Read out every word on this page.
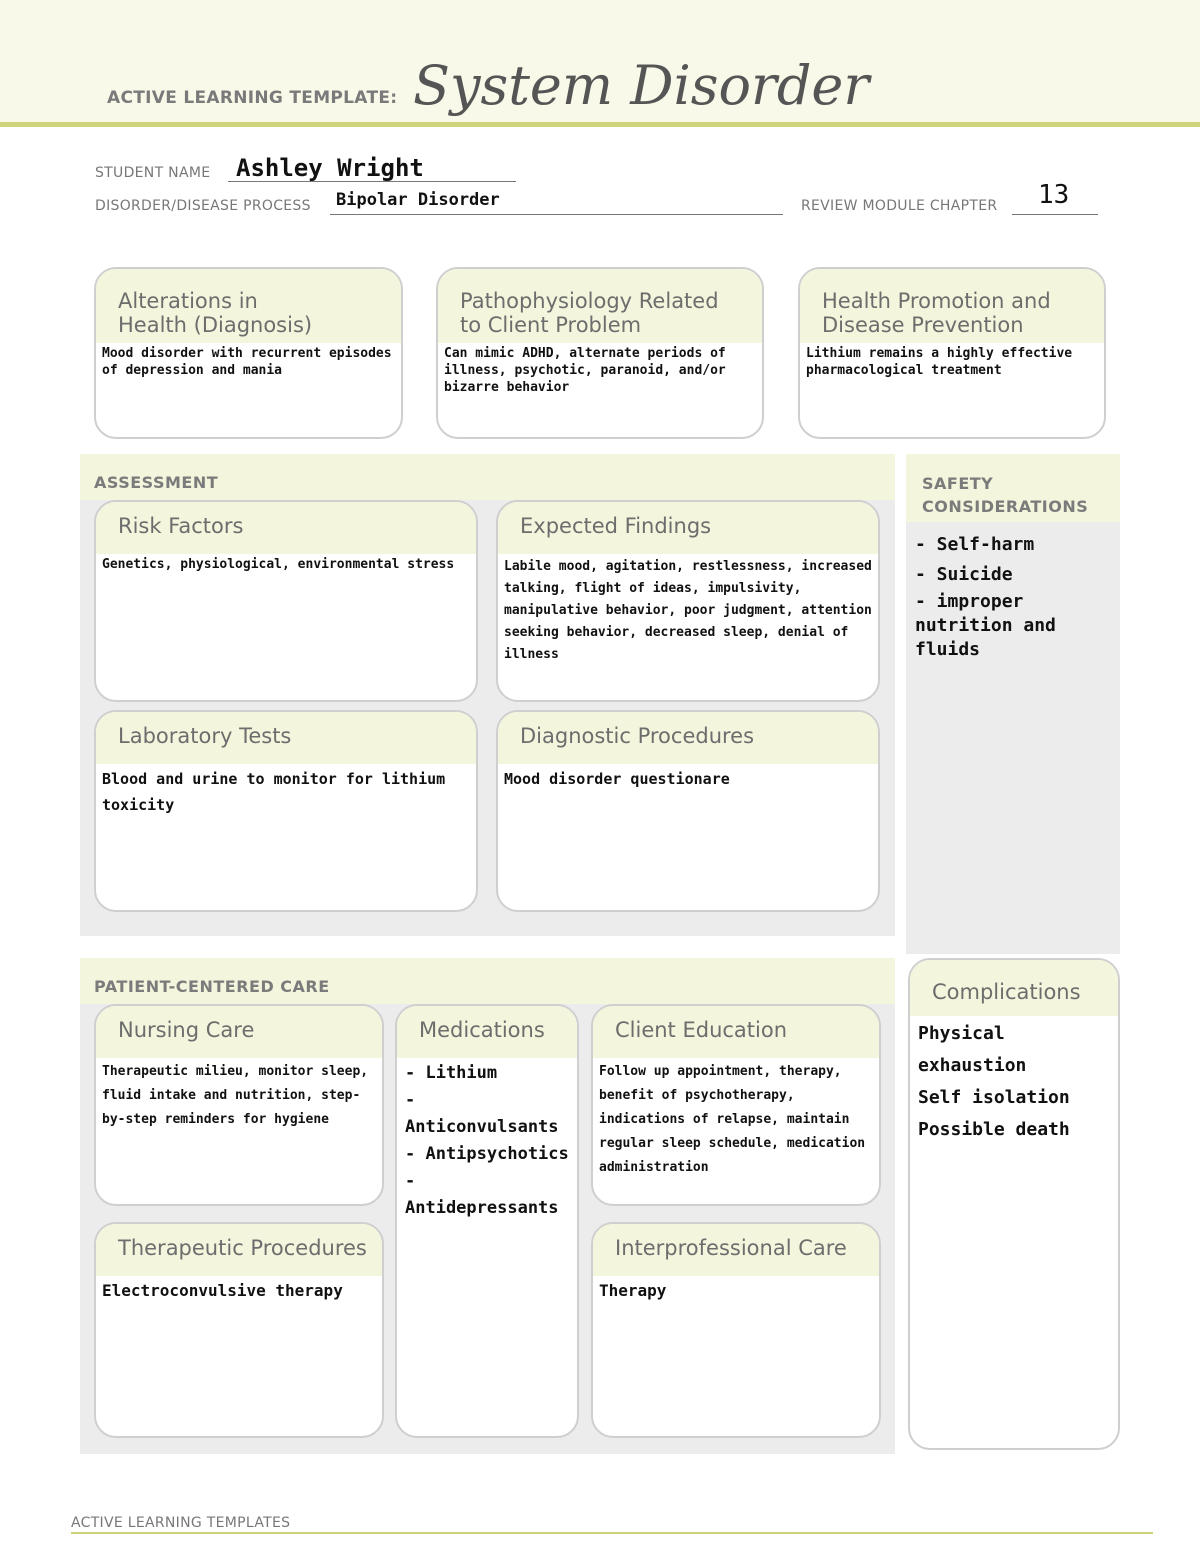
ACTIVE LEARNING TEMPLATE: System Disorder
STUDENT NAME Ashley Wright
DISORDER/DISEASE PROCESS Bipolar Disorder	REVIEW MODULE CHAPTER 13
Alterations in
Health (Diagnosis)
Mood disorder with recurrent episodes of depression and mania
Pathophysiology Related
to Client Problem
Can mimic ADHD, alternate periods of illness, psychotic, paranoid, and/or bizarre behavior
Health Promotion and
Disease Prevention
Lithium remains a highly effective pharmacological treatment
ASSESSMENT
Risk Factors
Genetics, physiological, environmental stress
Expected Findings
Labile mood, agitation, restlessness, increased talking, flight of ideas, impulsivity, manipulative behavior, poor judgment, attention seeking behavior, decreased sleep, denial of illness
Laboratory Tests
Blood and urine to monitor for lithium toxicity
Diagnostic Procedures
Mood disorder questionare
SAFETY
CONSIDERATIONS
- Self-harm
- Suicide
- improper nutrition and fluids
PATIENT-CENTERED CARE
Nursing Care
Therapeutic milieu, monitor sleep, fluid intake and nutrition, step-by-step reminders for hygiene
Medications
- Lithium
- Anticonvulsants
- Antipsychotics
- Antidepressants
Client Education
Follow up appointment, therapy, benefit of psychotherapy, indications of relapse, maintain regular sleep schedule, medication administration
Therapeutic Procedures
Electroconvulsive therapy
Interprofessional Care
Therapy
Complications
Physical exhaustion
Self isolation
Possible death
ACTIVE LEARNING TEMPLATES
